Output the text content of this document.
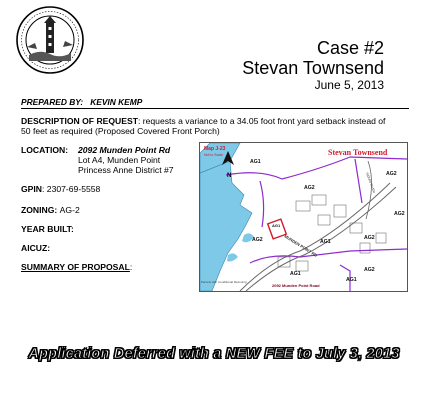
Case #2
Stevan Townsend
June 5, 2013
PREPARED BY: KEVIN KEMP
DESCRIPTION OF REQUEST: requests a variance to a 34.05 foot front yard setback instead of 50 feet as required (Proposed Covered Front Porch)
LOCATION: 2092 Munden Point Rd
Lot A4, Munden Point
Princess Anne District #7
GPIN: 2307-69-5558
ZONING: AG-2
YEAR BUILT:
AICUZ:
SUMMARY OF PROPOSAL:
N
Map J-23
Not to Scale	Stevan Townsend
AG1
AG2
AG2
AG2	AG2
AG2
AG1
AG2
AG1
AG1
AG1
MUNDEN POINT RD
INDIAN RIVER
Parcels with Conditional Rezoning
2092 Munden Point Road
Application Deferred with a NEW FEE to July 3, 2013
